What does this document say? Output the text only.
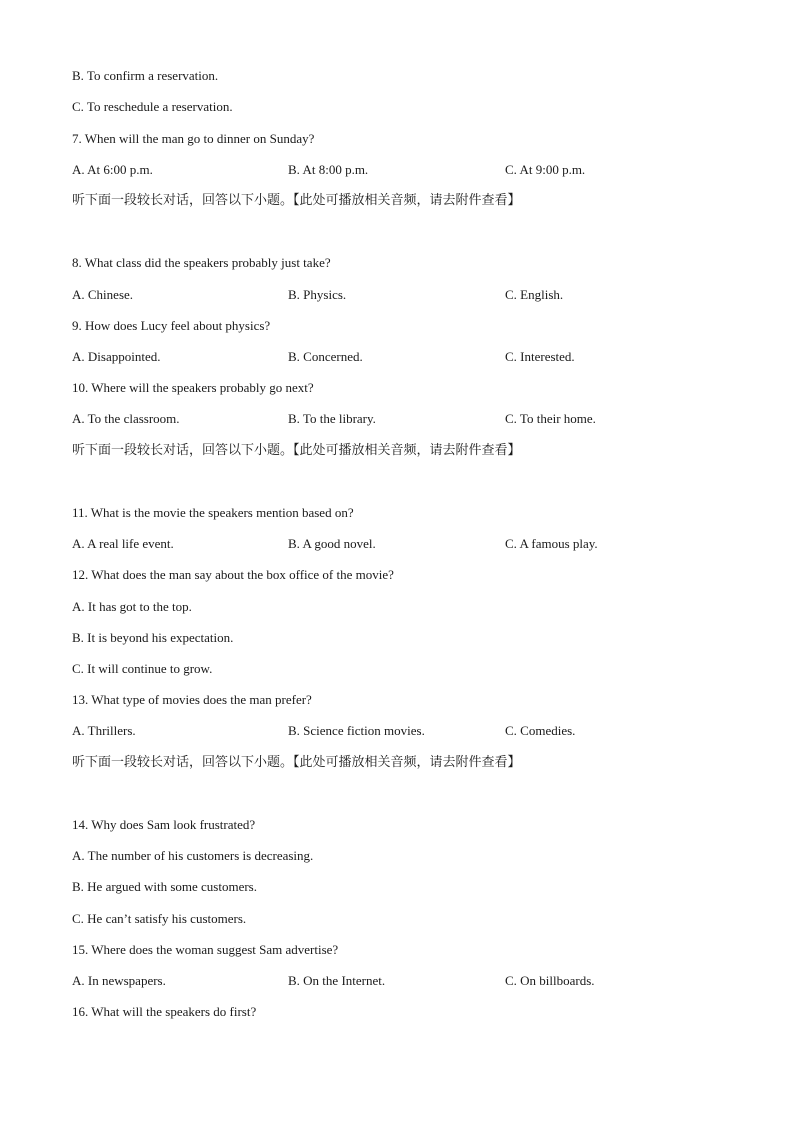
B. To confirm a reservation.
C. To reschedule a reservation.
7. When will the man go to dinner on Sunday?
A. At 6:00 p.m.	B. At 8:00 p.m.	C. At 9:00 p.m.
听下面一段较长对话，回答以下小题。【此处可播放相关音频，请去附件查看】
8. What class did the speakers probably just take?
A. Chinese.	B. Physics.	C. English.
9. How does Lucy feel about physics?
A. Disappointed.	B. Concerned.	C. Interested.
10. Where will the speakers probably go next?
A. To the classroom.	B. To the library.	C. To their home.
听下面一段较长对话，回答以下小题。【此处可播放相关音频，请去附件查看】
11. What is the movie the speakers mention based on?
A. A real life event.	B. A good novel.	C. A famous play.
12. What does the man say about the box office of the movie?
A. It has got to the top.
B. It is beyond his expectation.
C. It will continue to grow.
13. What type of movies does the man prefer?
A. Thrillers.	B. Science fiction movies.	C. Comedies.
听下面一段较长对话，回答以下小题。【此处可播放相关音频，请去附件查看】
14. Why does Sam look frustrated?
A. The number of his customers is decreasing.
B. He argued with some customers.
C. He can’t satisfy his customers.
15. Where does the woman suggest Sam advertise?
A. In newspapers.	B. On the Internet.	C. On billboards.
16. What will the speakers do first?
